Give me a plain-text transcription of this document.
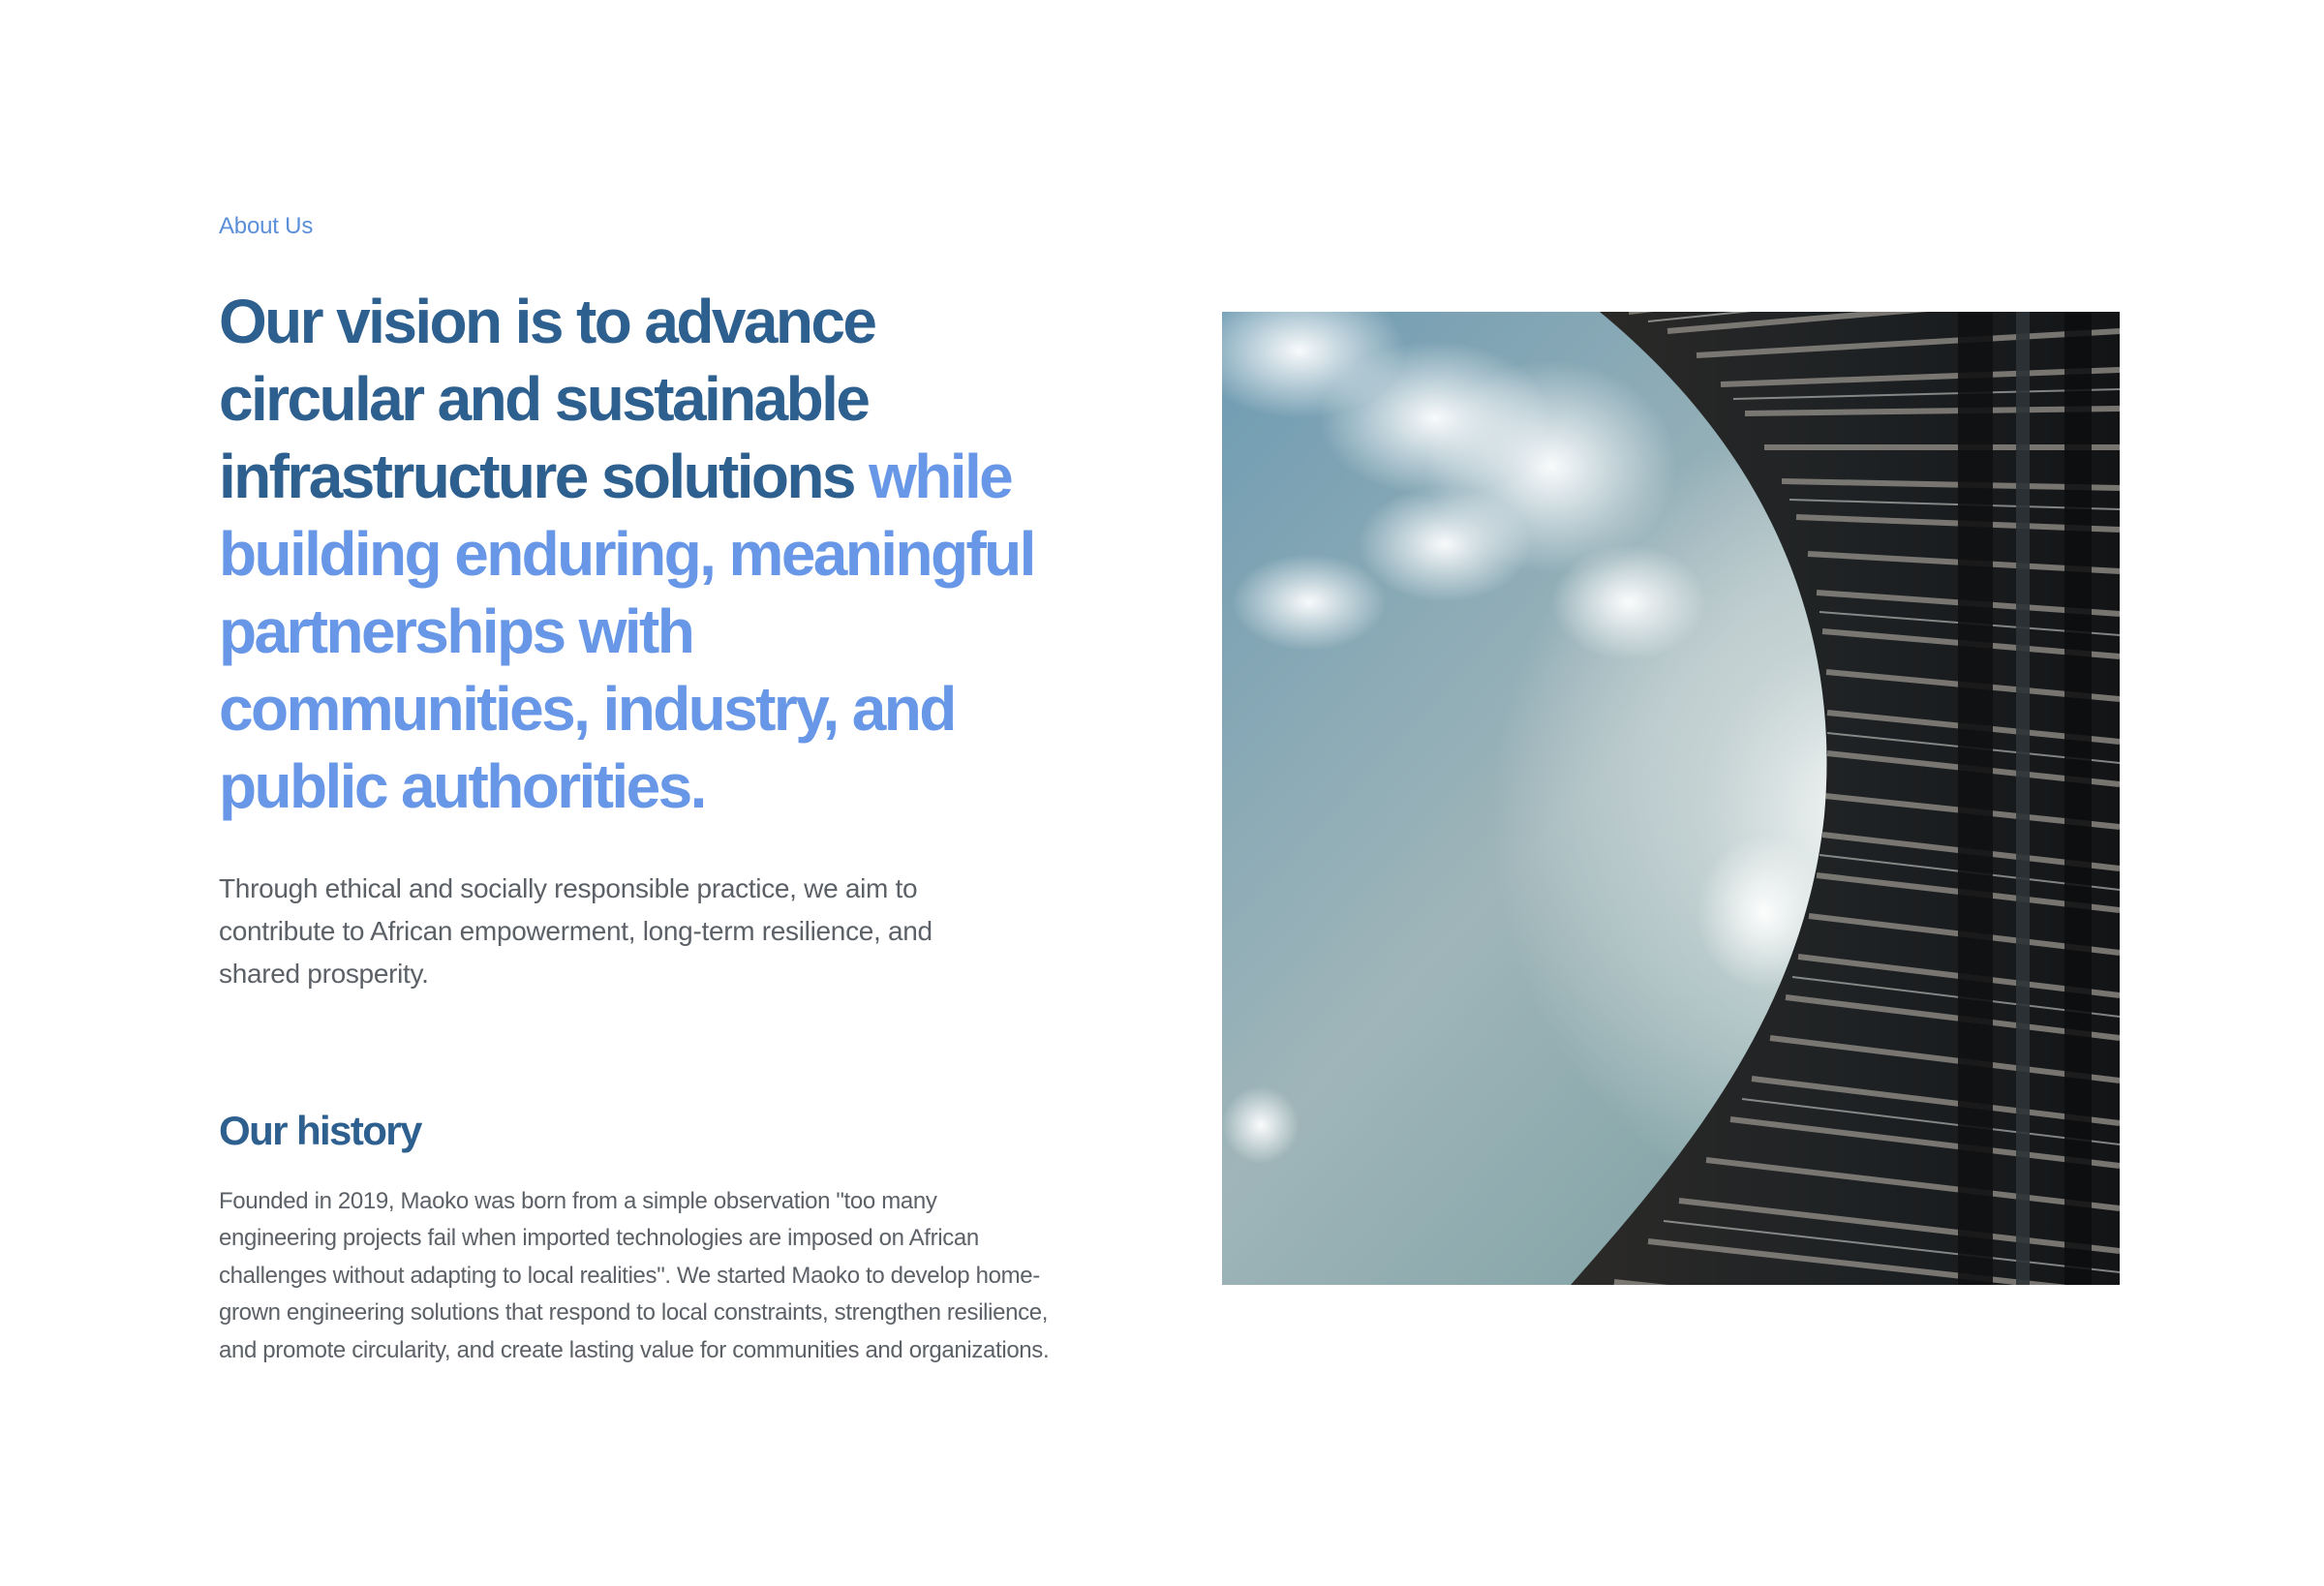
About Us

Our vision is to advance circular and sustainable infrastructure solutions while building enduring, meaningful partnerships with communities, industry, and public authorities.

Through ethical and socially responsible practice, we aim to contribute to African empowerment, long-term resilience, and shared prosperity.

Our history

Founded in 2019, Maoko was born from a simple observation "too many engineering projects fail when imported technologies are imposed on African challenges without adapting to local realities". We started Maoko to develop home-grown engineering solutions that respond to local constraints, strengthen resilience, and promote circularity, and create lasting value for communities and organizations.
